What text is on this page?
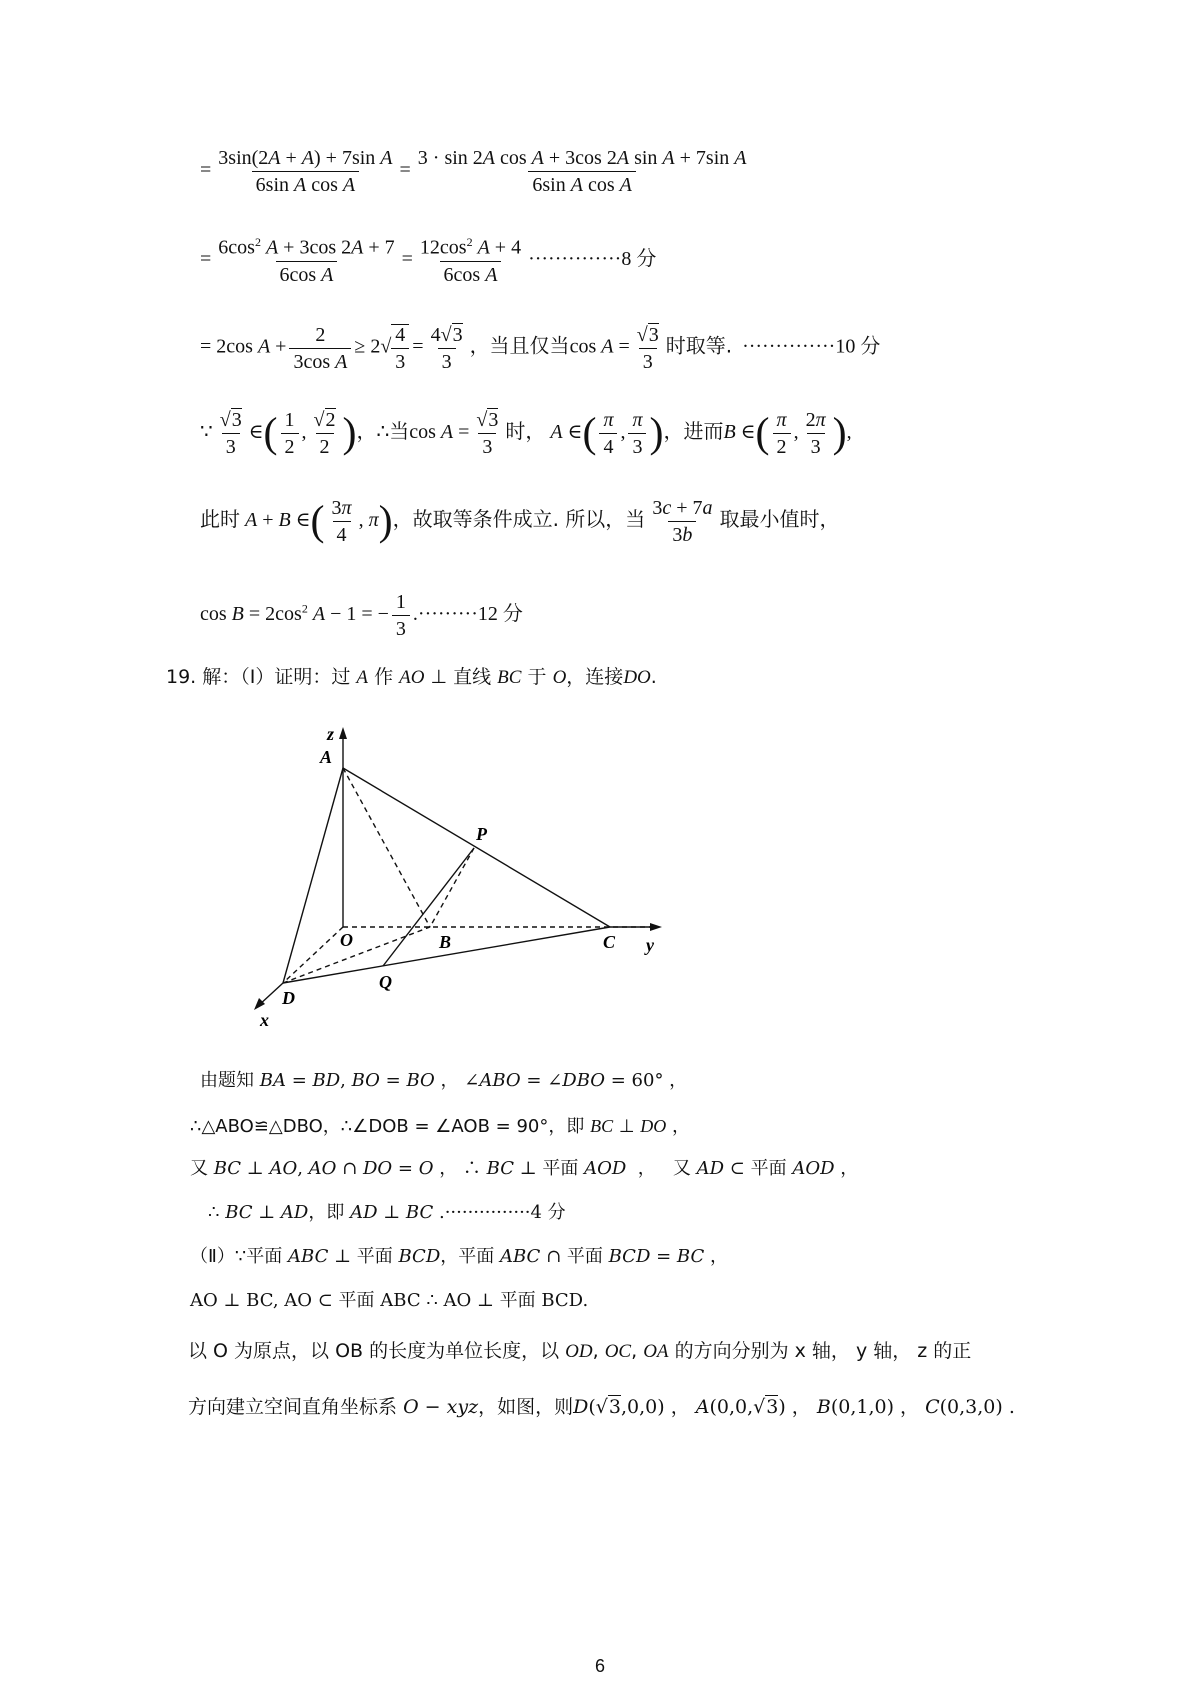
= $\frac{\text{3sin(2A + A) + 7sin A}}{\text{6sin A cos A}} = \frac{\text{3 · sin 2A cos A + 3cos 2A sin A + 7sin A}}{\text{6sin A cos A}}$
= $\frac{6\cos^2 A + 3\cos 2A + 7}{\text{6cos A}} = \frac{12\cos^2 A + 4}{\text{6cos A}} \cdot\cdot\cdot\cdot\cdot\cdot\cdot\cdot\cdot\cdot\cdot\cdot\cdot\cdot 8$ 分
= 2cos $A + \frac{2}{\text{3cos A}} \ge 2√ \frac{4}{3} = \frac{4√3}{3}$ ，当且仅当$\cos A = \frac{√3}{3}$ 时取等. ··············10 分
∵ $\frac{√3}{3}$ ∈( $\frac{1}{2}$ , $\frac{√2}{2}$ )，∴当$\cos A = \frac{√3}{3}$ 时， A ∈( $\frac{\pi}{4}$ , $\frac{\pi}{3}$ )，进而B ∈( $\frac{\pi}{2}$ , $\frac{2\pi}{3}$ ),
此时 A + B ∈( $\frac{3\pi}{4}$ , π)，故取等条件成立. 所以，当 $\frac{3c + 7a}{3b}$ 取最小值时，
$\cos B = 2\cos^2$ A − 1 = − $\frac{1}{3} .\cdot\cdot\cdot\cdot\cdot\cdot\cdot\cdot\cdot 12$ 分
19. 解：（Ⅰ）证明：过 A 作 AO ⊥ 直线 BC 于 O，连接DO.
z
A
P
O	B	C y
Q
D
x
由题知 BA = BD, BO = BO ， ∠ABO = ∠DBO = 60° ，
∴△ABO≌△DBO，∴∠DOB = ∠AOB = 90°，即 BC ⊥ DO ，
又 BC ⊥ AO, AO ∩ DO = O ， ∴ BC ⊥ 平面 AOD  ，   又 AD ⊂ 平面 AOD ，
∴ BC ⊥ AD，即 AD ⊥ BC .···············4 分
（Ⅱ）∵平面 ABC ⊥ 平面 BCD，平面 ABC ∩ 平面 BCD = BC ，
AO ⊥ BC, AO ⊂ 平面 ABC ∴ AO ⊥ 平面 BCD.
以 O 为原点，以 OB 的长度为单位长度，以 OD, OC, OA 的方向分别为 x 轴， y 轴， z 的正
方向建立空间直角坐标系 O − xyz，如图，则D(√3,0,0) ， A(0,0,√3) ， B(0,1,0) ， C(0,3,0) .
6
